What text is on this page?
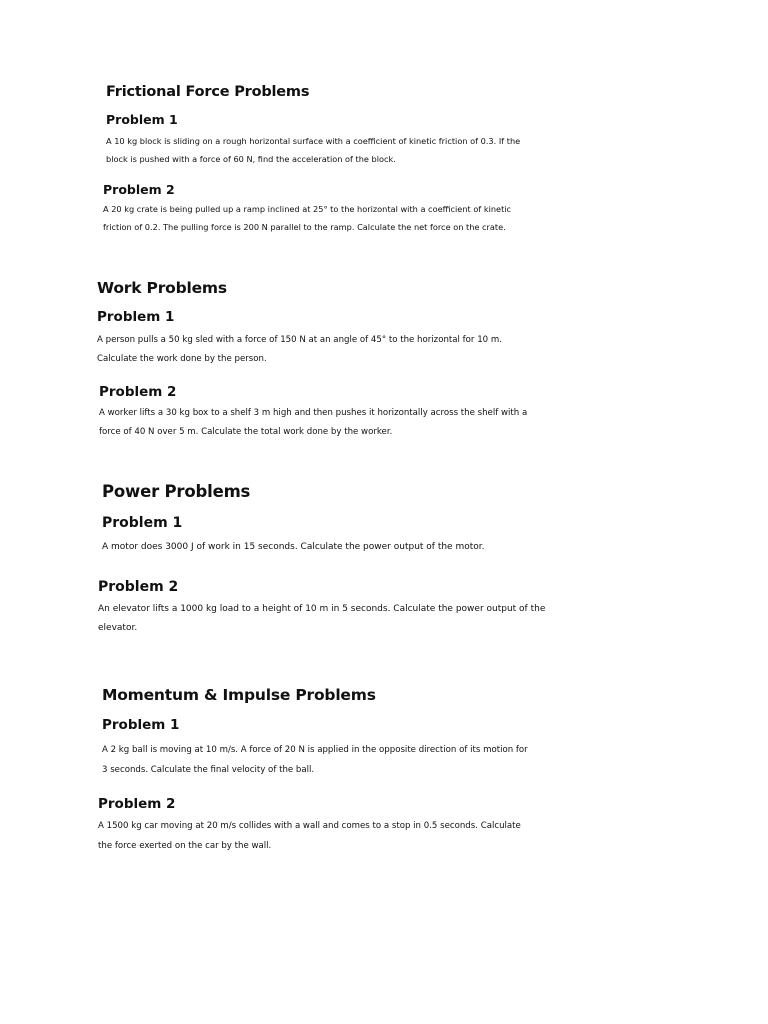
Frictional Force Problems
Problem 1

A 10 kg block is sliding on a rough horizontal surface with a coefficient of kinetic friction of 0.3. If the
block is pushed with a force of 60 N, find the acceleration of the block.

Problem 2

A 20 kg crate is being pulled up a ramp inclined at 25° to the horizontal with a coefficient of kinetic
friction of 0.2. The pulling force is 200 N parallel to the ramp. Calculate the net force on the crate.

Work Problems
Problem 1

A person pulls a 50 kg sled with a force of 150 N at an angle of 45° to the horizontal for 10 m.
Calculate the work done by the person.

Problem 2

A worker lifts a 30 kg box to a shelf 3 m high and then pushes it horizontally across the shelf with a
force of 40 N over 5 m. Calculate the total work done by the worker.

Power Problems
Problem 1

A motor does 3000 J of work in 15 seconds. Calculate the power output of the motor.

Problem 2

An elevator lifts a 1000 kg load to a height of 10 m in 5 seconds. Calculate the power output of the
elevator.

Momentum & Impulse Problems
Problem 1

A 2 kg ball is moving at 10 m/s. A force of 20 N is applied in the opposite direction of its motion for
3 seconds. Calculate the final velocity of the ball.

Problem 2

A 1500 kg car moving at 20 m/s collides with a wall and comes to a stop in 0.5 seconds. Calculate
the force exerted on the car by the wall.
